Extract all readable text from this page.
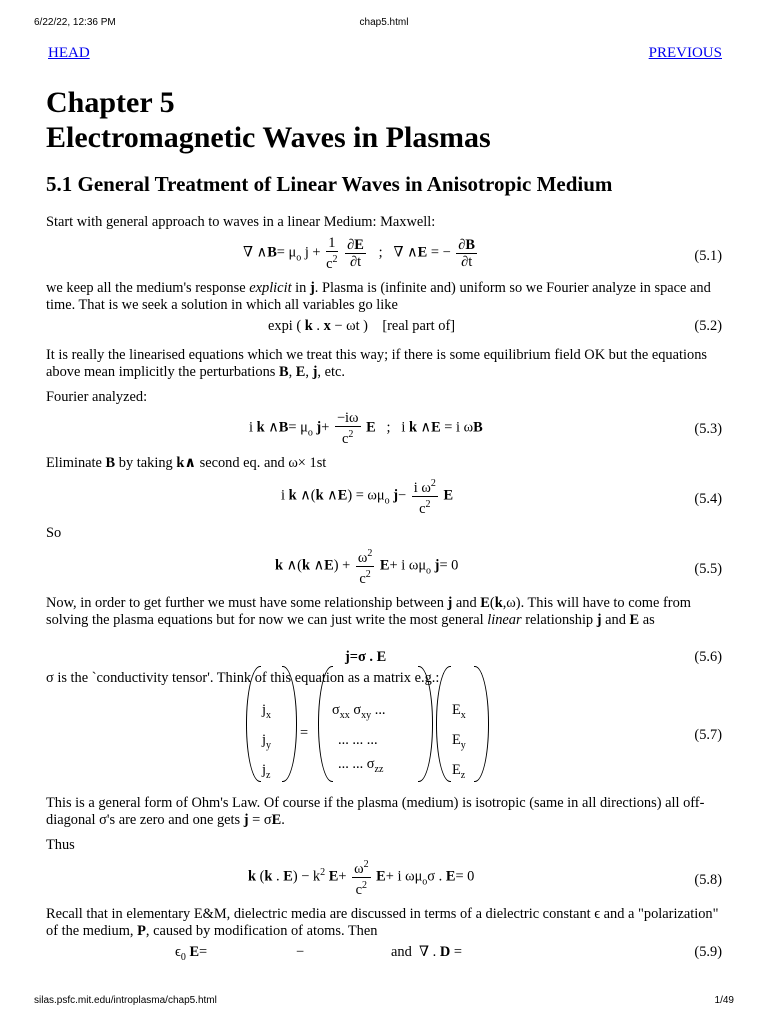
6/22/22, 12:36 PM	chap5.html
HEAD	PREVIOUS
Chapter 5
Electromagnetic Waves in Plasmas
5.1 General Treatment of Linear Waves in Anisotropic Medium
Start with general approach to waves in a linear Medium: Maxwell:
∇ ∧B= $\mu_o$ $j + \frac{1}{c^2}$
$\frac{\partial E}{\partial t}$ ;   ∇ ∧E = − $\frac{\partial B}{\partial t}$	(5.1)
we keep all the medium's response explicit in j. Plasma is (infinite and) uniform so we Fourier analyze in space and time. That is we seek a solution in which all variables go like
expi ( k . x − ωt )    [real part of]	(5.2)
It is really the linearised equations which we treat this way; if there is some equilibrium field OK but the equations above mean implicitly the perturbations B, E, j, etc.
Fourier analyzed:
i k ∧B= $\mu_o$ $j+ \frac{-i\omega}{c^2}$ E   ;   i k ∧E = i ωB	(5.3)
Eliminate B by taking k∧ second eq. and ω× 1st
i k ∧(k ∧E) = $\omega\mu_o$ $j- \frac{i \omega^2}{c^2}$ E	(5.4)
So
k ∧(k ∧E) + $\frac{\omega^2}{c^2} E+ i$ $\omega\mu_o$ j= 0	(5.5)
Now, in order to get further we must have some relationship between j and E(k,ω). This will have to come from solving the plasma equations but for now we can just write the most general linear relationship j and E as
j=σ . E	(5.6)
σ is the `conductivity tensor'. Think of this equation as a matrix e.g.:
$j_x$
$j_y$
$j_z$
=
$\sigma_{xx}$ $\sigma_{xy}$ ...
... ... ...
... ... $\sigma_{zz}$
$E_x$
$E_y$
$E_z$
(5.7)
This is a general form of Ohm's Law. Of course if the plasma (medium) is isotropic (same in all directions) all off-diagonal σ's are zero and one gets j = σE.
Thus
k (k . $E) - k^2$ $E+ \frac{\omega^2}{c^2} E+ i$ $\omega\mu_o\sigma$ . E= 0	(5.8)
Recall that in elementary E&M, dielectric media are discussed in terms of a dielectric constant ϵ and a "polarization" of the medium, P, caused by modification of atoms. Then
$\epsilon_0$ E=	−	and  ∇ . D =	(5.9)
silas.psfc.mit.edu/introplasma/chap5.html	1/49
